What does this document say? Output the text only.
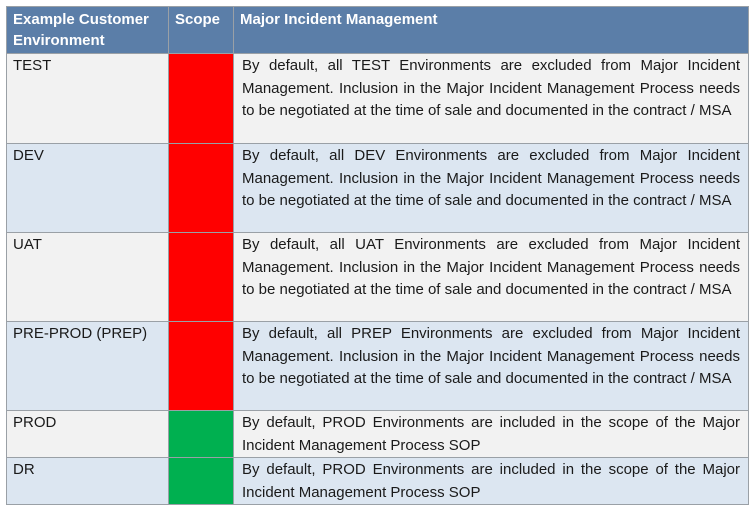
Example Customer Environment	Scope	Major Incident Management
TEST		By default, all TEST Environments are excluded from Major Incident Management. Inclusion in the Major Incident Management Process needs to be negotiated at the time of sale and documented in the contract / MSA
DEV		By default, all DEV Environments are excluded from Major Incident Management. Inclusion in the Major Incident Management Process needs to be negotiated at the time of sale and documented in the contract / MSA
UAT		By default, all UAT Environments are excluded from Major Incident Management. Inclusion in the Major Incident Management Process needs to be negotiated at the time of sale and documented in the contract / MSA
PRE-PROD (PREP)		By default, all PREP Environments are excluded from Major Incident Management. Inclusion in the Major Incident Management Process needs to be negotiated at the time of sale and documented in the contract / MSA
PROD		By default, PROD Environments are included in the scope of the Major Incident Management Process SOP
DR		By default, PROD Environments are included in the scope of the Major Incident Management Process SOP
